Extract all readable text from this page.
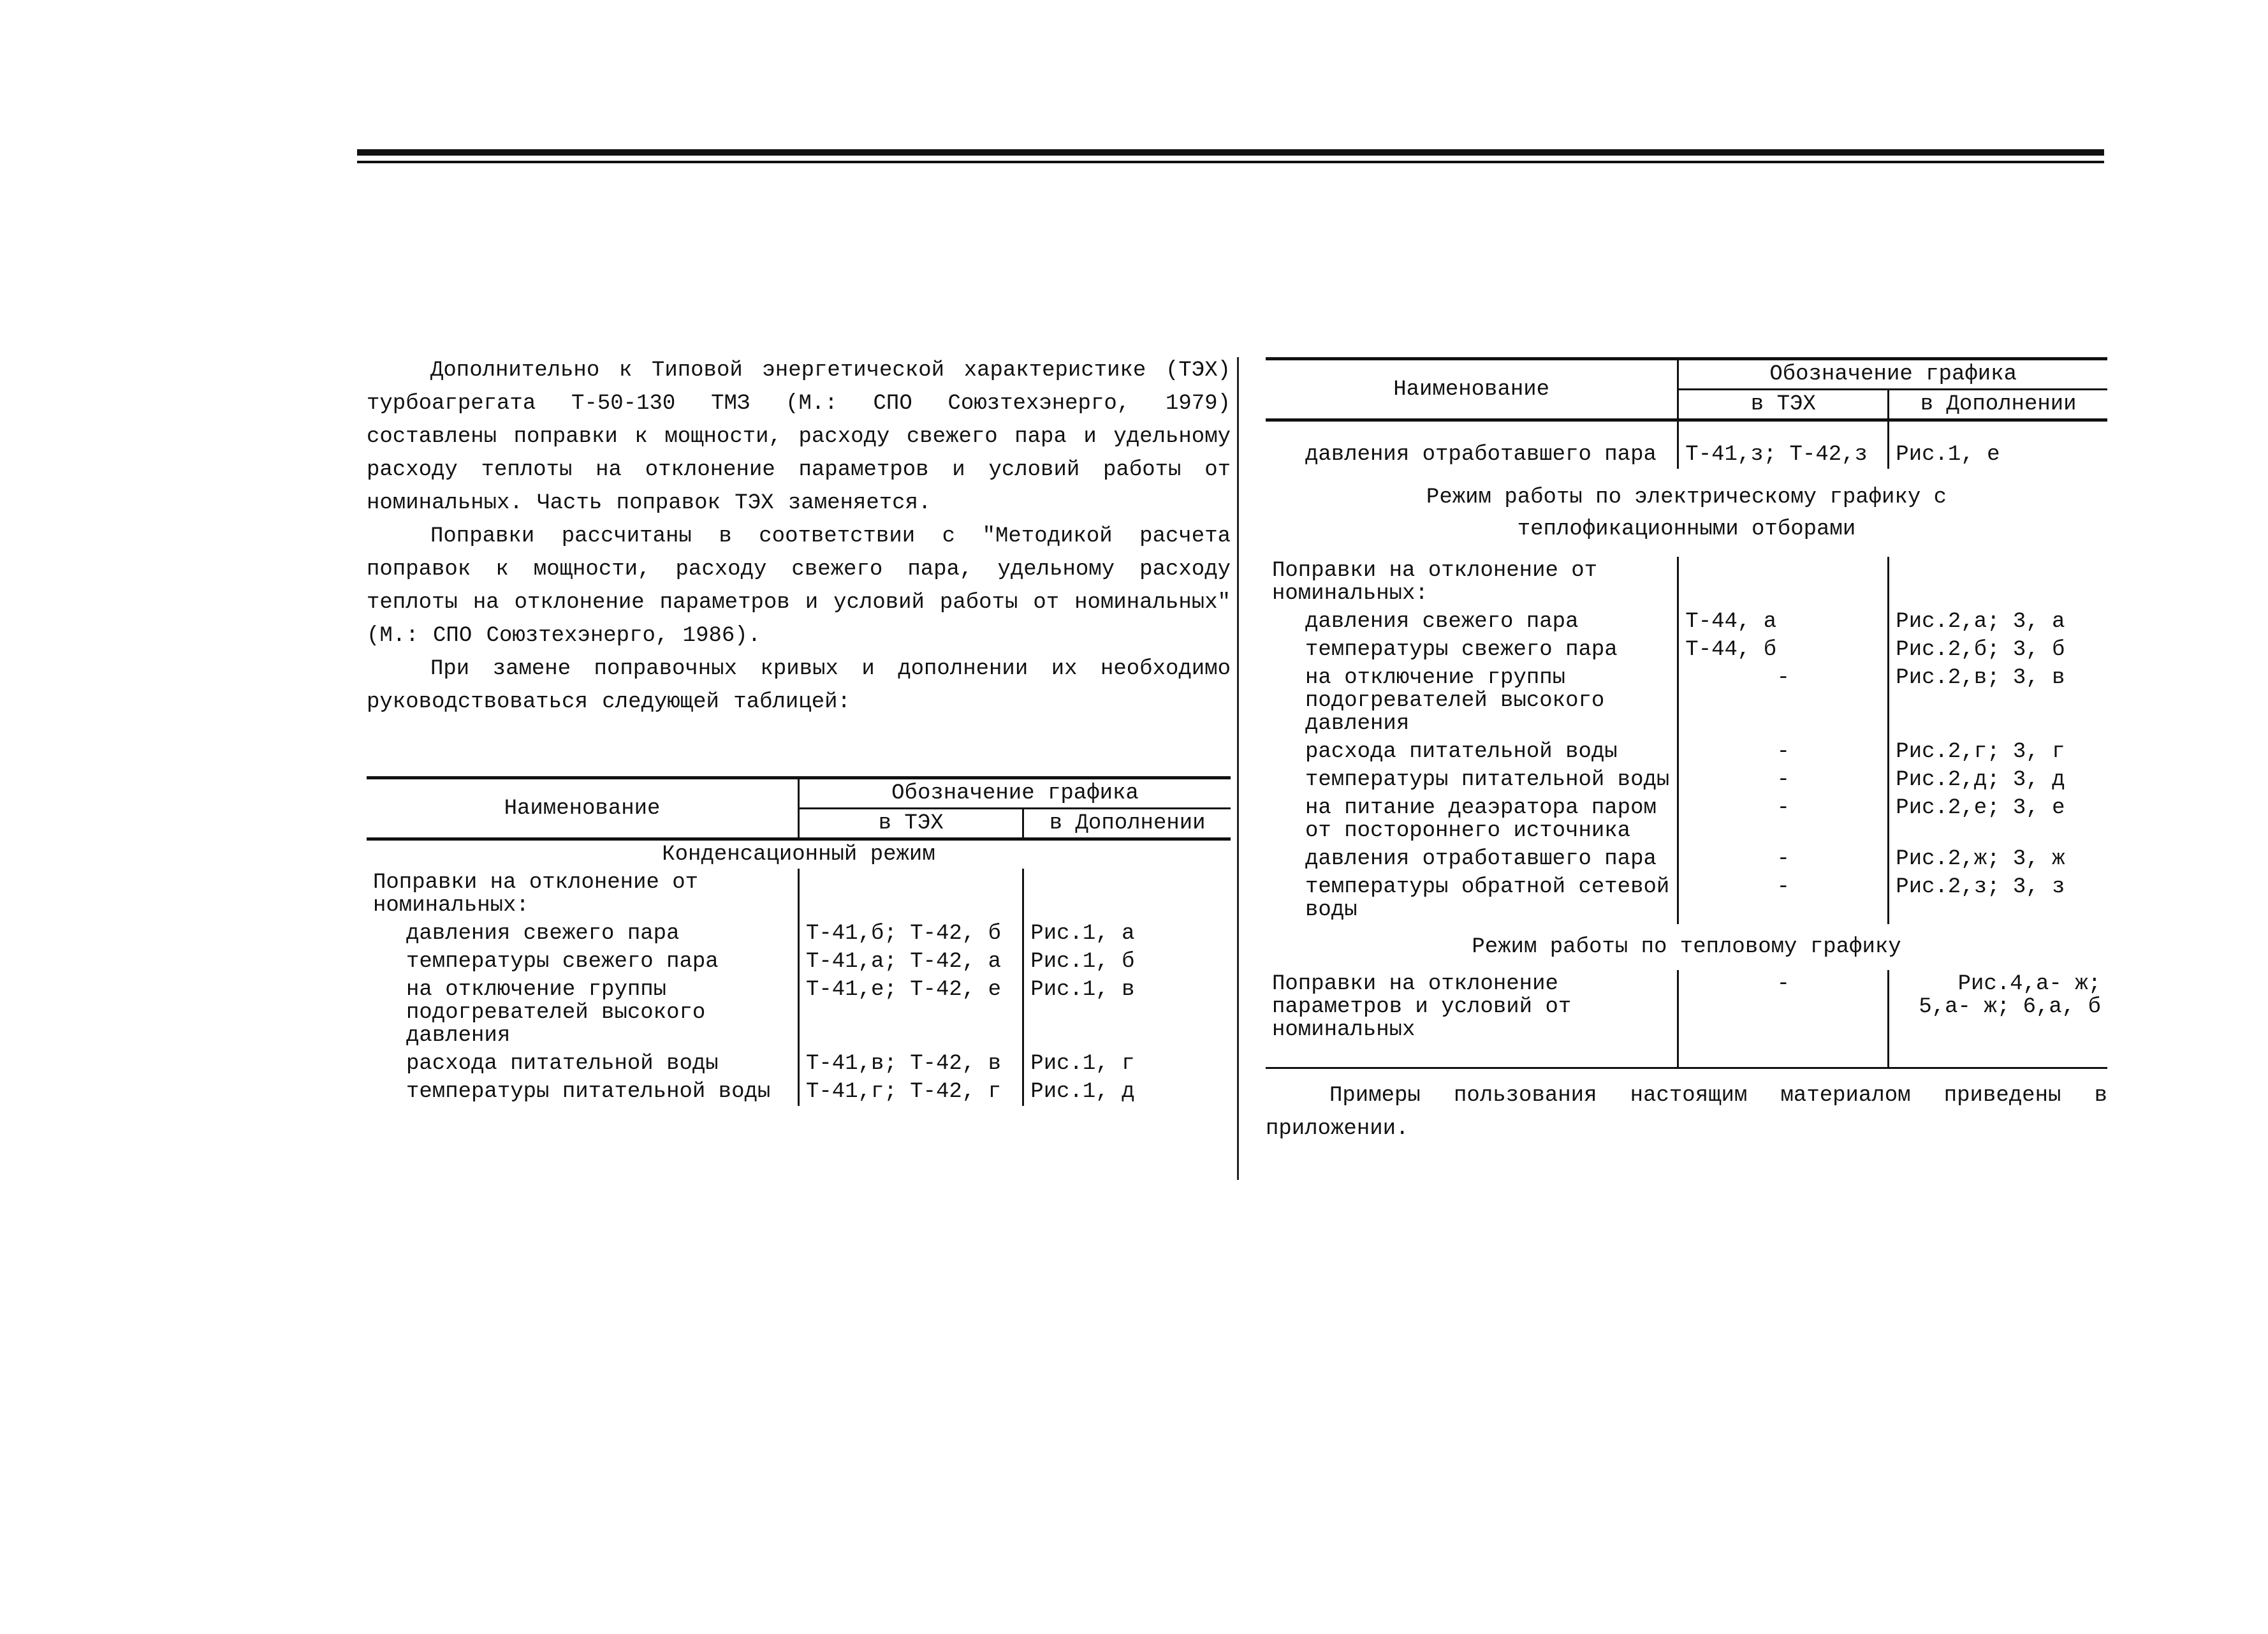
Дополнительно к Типовой энергетической характеристике (ТЭХ) турбоагрегата Т-50-130 ТМЗ (М.: СПО Союзтехэнерго, 1979) составлены поправки к мощности, расходу свежего пара и удельному расходу теплоты на отклонение параметров и условий работы от номинальных. Часть поправок ТЭХ заменяется.

Поправки рассчитаны в соответствии с "Методикой расчета поправок к мощности, расходу свежего пара, удельному расходу теплоты на отклонение параметров и условий работы от номинальных" (М.: СПО Союзтехэнерго, 1986).

При замене поправочных кривых и дополнении их необходимо руководствоваться следующей таблицей:

Наименование	Обозначение графика	
	в ТЭХ	в Дополнении
Конденсационный режим		
Поправки на отклонение от номинальных:		
давления свежего пара	Т-41,б; Т-42, б	Рис.1, а
температуры свежего пара	Т-41,а; Т-42, а	Рис.1, б
на отключение группы подогревателей высокого давления	Т-41,е; Т-42, е	Рис.1, в
расхода питательной воды	Т-41,в; Т-42, в	Рис.1, г
температуры питательной воды	Т-41,г; Т-42, г	Рис.1, д
Наименование	Обозначение графика	
	в ТЭХ	в Дополнении

давления отработавшего пара	Т-41,з; Т-42,з	Рис.1, е
Режим работы по электрическому графику с теплофикационными отборами		
Поправки на отклонение от номинальных:		
давления свежего пара	Т-44, а	Рис.2,а; 3, а
температуры свежего пара	Т-44, б	Рис.2,б; 3, б
на отключение группы подогревателей высокого давления	-	Рис.2,в; 3, в
расхода питательной воды	-	Рис.2,г; 3, г
температуры питательной воды	-	Рис.2,д; 3, д
на питание деаэратора паром от постороннего источника	-	Рис.2,е; 3, е
давления отработавшего пара	-	Рис.2,ж; 3, ж
температуры обратной сетевой воды	-	Рис.2,з; 3, з
Режим работы по тепловому графику		
Поправки на отклонение параметров и условий от номинальных	-	Рис.4,а- ж; 5,а- ж; 6,а, б

Примеры пользования настоящим материалом приведены в приложении.
